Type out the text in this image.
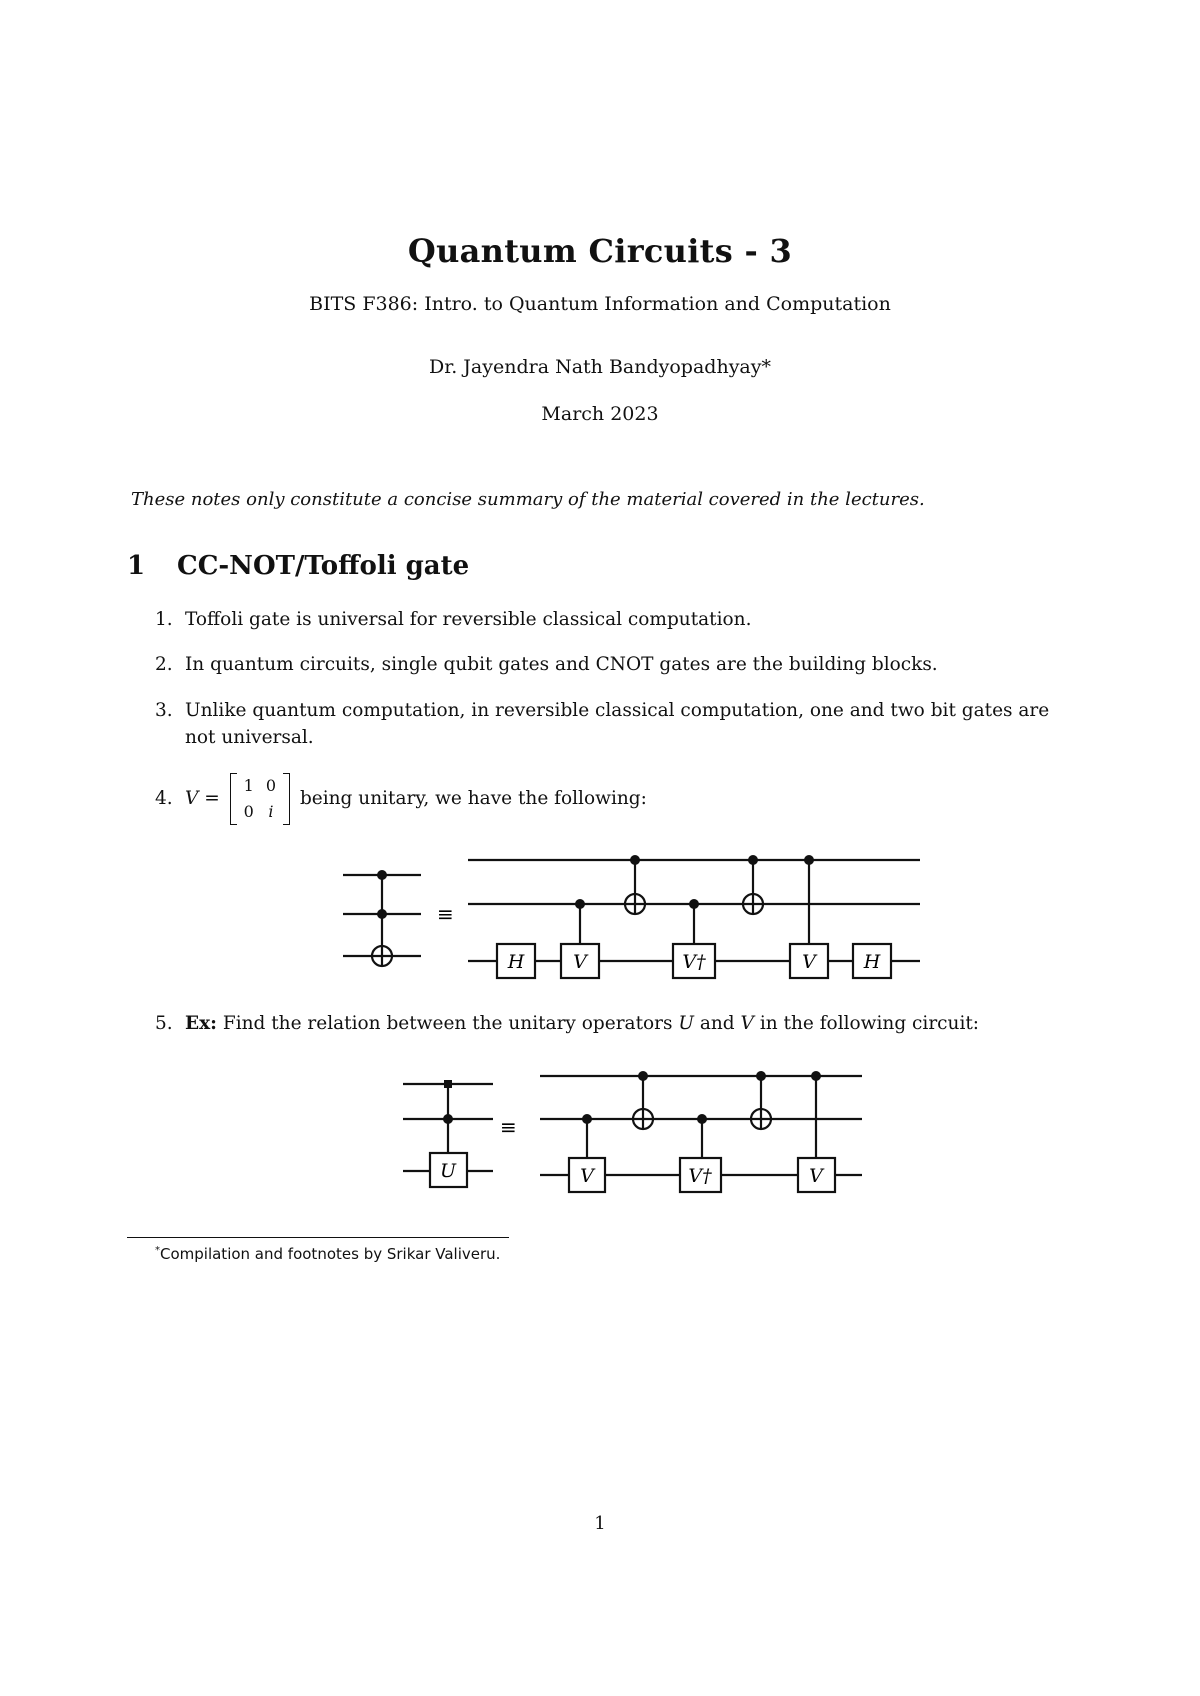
Quantum Circuits - 3
BITS F386: Intro. to Quantum Information and Computation
Dr. Jayendra Nath Bandyopadhyay*
March 2023
These notes only constitute a concise summary of the material covered in the lectures.
1 CC-NOT/Toffoli gate
1. Toffoli gate is universal for reversible classical computation.
2. In quantum circuits, single qubit gates and CNOT gates are the building blocks.
3. Unlike quantum computation, in reversible classical computation, one and two bit gates are
not universal.
4. V =
1	0
0	i
being unitary, we have the following:
5. Ex: Find the relation between the unitary operators U and V in the following circuit:
≡
H	V	V†	V	H
≡
U	V	V†	V
*Compilation and footnotes by Srikar Valiveru.
1
